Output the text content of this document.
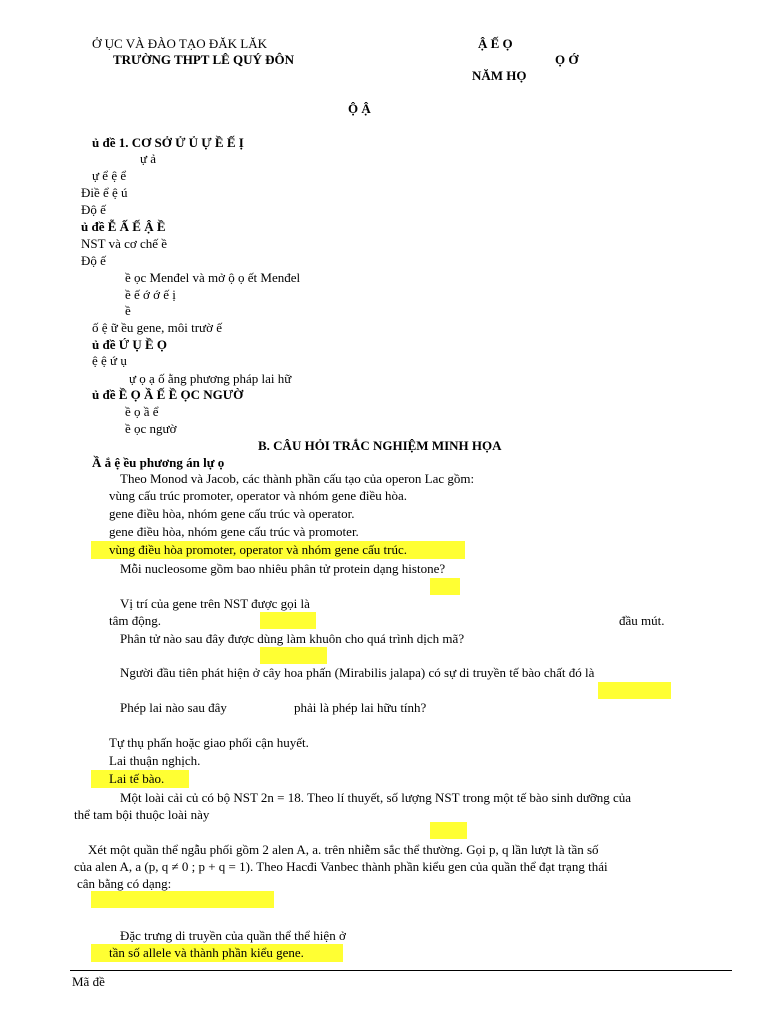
Ở ỤC VÀ ĐÀO TẠO ĐĂK LĂK
TRƯỜNG THPT LÊ QUÝ ĐÔN
Ậ Ế Ọ
Ọ Ớ
NĂM HỌ
Ộ Ậ
ủ đề 1. CƠ SỞ Ử Ủ Ự Ề Ế Ị
ự ả
ự ể ệ ể
Điề ể ệ ú
Độ ế
ủ đề Ễ Ấ Ế Ậ Ề
NST và cơ chế ề
Độ ế
ề ọc Menđel và mở ộ ọ ết Menđel
ề ế ớ ớ ế ị
ề
ố ệ ữ ều gene, môi trườ ế
ủ đề Ứ Ụ Ề Ọ
ệ ệ ứ ụ
ự ọ ạ ố ằng phương pháp lai hữ
ủ đề Ề Ọ Ầ Ế Ề ỌC NGƯỜ
ề ọ ầ ể
ề ọc ngườ
B. CÂU HỎI TRẮC NGHIỆM MINH HỌA
Ầ ắ ệ ều phương án lự ọ
Theo Monod và Jacob, các thành phần cấu tạo của operon Lac gồm:
vùng cấu trúc promoter, operator và nhóm gene điều hòa.
gene điều hòa, nhóm gene cấu trúc và operator.
gene điều hòa, nhóm gene cấu trúc và promoter.
vùng điều hòa promoter, operator và nhóm gene cấu trúc.
Mỗi nucleosome gồm bao nhiêu phân tử protein dạng histone?
Vị trí của gene trên NST được gọi là
tâm động.	đầu mút.
Phân tử nào sau đây được dùng làm khuôn cho quá trình dịch mã?
Người đầu tiên phát hiện ở cây hoa phấn (Mirabilis jalapa) có sự di truyền tế bào chất đó là
Phép lai nào sau đây	phải là phép lai hữu tính?
Tự thụ phấn hoặc giao phối cận huyết.
Lai thuận nghịch.
Lai tế bào.
Một loài cải củ có bộ NST 2n = 18. Theo lí thuyết, số lượng NST trong một tế bào sinh dưỡng của
thể tam bội thuộc loài này
Xét một quần thể ngẫu phối gồm 2 alen A, a. trên nhiễm sắc thể thường. Gọi p, q lần lượt là tần số
của alen A, a (p, q ≠ 0 ; p + q = 1). Theo Hacđi Vanbec thành phần kiểu gen của quần thể đạt trạng thái
cân bằng có dạng:
Đặc trưng di truyền của quần thể thể hiện ở
tần số allele và thành phần kiểu gene.
Mã đề
